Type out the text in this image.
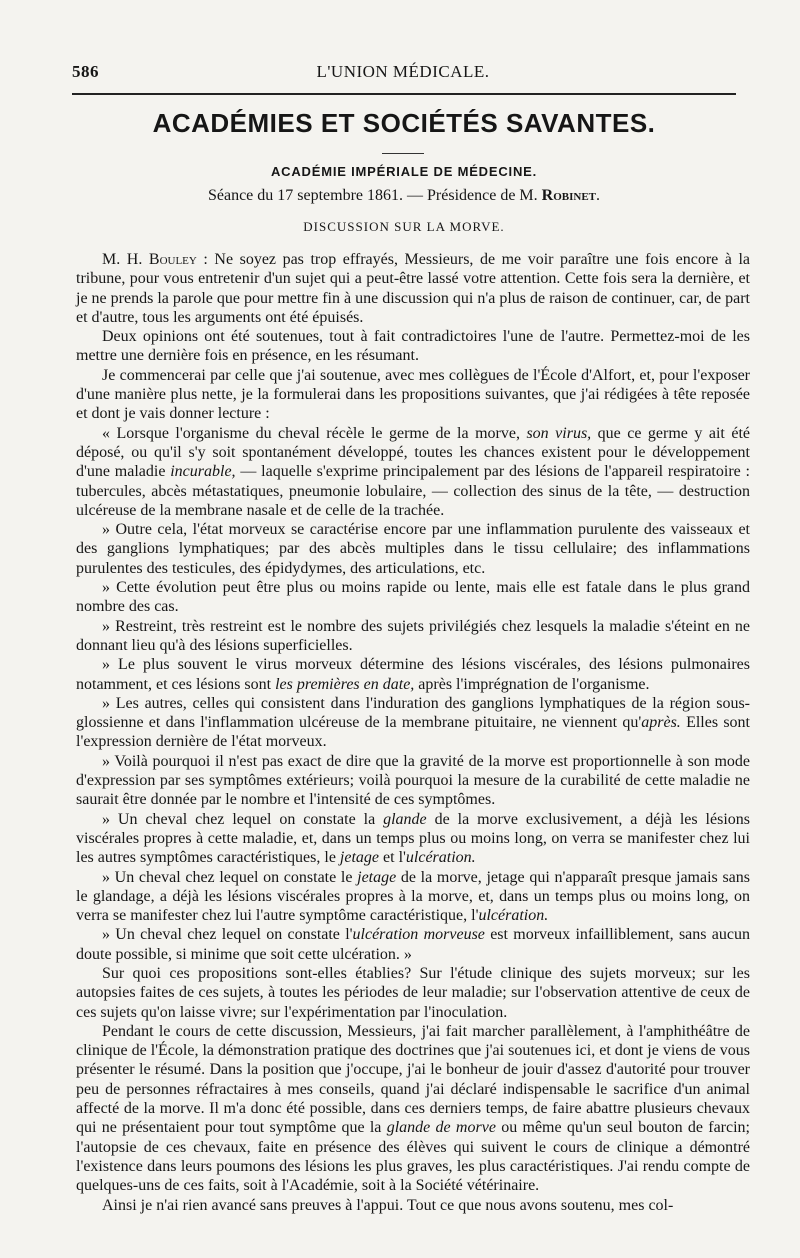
586	L'UNION MÉDICALE.
ACADÉMIES ET SOCIÉTÉS SAVANTES.
ACADÉMIE IMPÉRIALE DE MÉDECINE.
Séance du 17 septembre 1861. — Présidence de M. Robinet.
DISCUSSION SUR LA MORVE.

M. H. Bouley : Ne soyez pas trop effrayés, Messieurs, de me voir paraître une fois encore à la tribune, pour vous entretenir d'un sujet qui a peut-être lassé votre attention. Cette fois sera la dernière, et je ne prends la parole que pour mettre fin à une discussion qui n'a plus de raison de continuer, car, de part et d'autre, tous les arguments ont été épuisés.

Deux opinions ont été soutenues, tout à fait contradictoires l'une de l'autre. Permettez-moi de les mettre une dernière fois en présence, en les résumant.

Je commencerai par celle que j'ai soutenue, avec mes collègues de l'École d'Alfort, et, pour l'exposer d'une manière plus nette, je la formulerai dans les propositions suivantes, que j'ai rédigées à tête reposée et dont je vais donner lecture :

« Lorsque l'organisme du cheval récèle le germe de la morve, son virus, que ce germe y ait été déposé, ou qu'il s'y soit spontanément développé, toutes les chances existent pour le développement d'une maladie incurable, — laquelle s'exprime principalement par des lésions de l'appareil respiratoire : tubercules, abcès métastatiques, pneumonie lobulaire, — collection des sinus de la tête, — destruction ulcéreuse de la membrane nasale et de celle de la trachée.

» Outre cela, l'état morveux se caractérise encore par une inflammation purulente des vaisseaux et des ganglions lymphatiques; par des abcès multiples dans le tissu cellulaire; des inflammations purulentes des testicules, des épidydymes, des articulations, etc.

» Cette évolution peut être plus ou moins rapide ou lente, mais elle est fatale dans le plus grand nombre des cas.

» Restreint, très restreint est le nombre des sujets privilégiés chez lesquels la maladie s'éteint en ne donnant lieu qu'à des lésions superficielles.

» Le plus souvent le virus morveux détermine des lésions viscérales, des lésions pulmonaires notamment, et ces lésions sont les premières en date, après l'imprégnation de l'organisme.

» Les autres, celles qui consistent dans l'induration des ganglions lymphatiques de la région sous-glossienne et dans l'inflammation ulcéreuse de la membrane pituitaire, ne viennent qu'après. Elles sont l'expression dernière de l'état morveux.

» Voilà pourquoi il n'est pas exact de dire que la gravité de la morve est proportionnelle à son mode d'expression par ses symptômes extérieurs; voilà pourquoi la mesure de la curabilité de cette maladie ne saurait être donnée par le nombre et l'intensité de ces symptômes.

» Un cheval chez lequel on constate la glande de la morve exclusivement, a déjà les lésions viscérales propres à cette maladie, et, dans un temps plus ou moins long, on verra se manifester chez lui les autres symptômes caractéristiques, le jetage et l'ulcération.

» Un cheval chez lequel on constate le jetage de la morve, jetage qui n'apparaît presque jamais sans le glandage, a déjà les lésions viscérales propres à la morve, et, dans un temps plus ou moins long, on verra se manifester chez lui l'autre symptôme caractéristique, l'ulcération.

» Un cheval chez lequel on constate l'ulcération morveuse est morveux infailliblement, sans aucun doute possible, si minime que soit cette ulcération. »

Sur quoi ces propositions sont-elles établies? Sur l'étude clinique des sujets morveux; sur les autopsies faites de ces sujets, à toutes les périodes de leur maladie; sur l'observation attentive de ceux de ces sujets qu'on laisse vivre; sur l'expérimentation par l'inoculation.

Pendant le cours de cette discussion, Messieurs, j'ai fait marcher parallèlement, à l'amphithéâtre de clinique de l'École, la démonstration pratique des doctrines que j'ai soutenues ici, et dont je viens de vous présenter le résumé. Dans la position que j'occupe, j'ai le bonheur de jouir d'assez d'autorité pour trouver peu de personnes réfractaires à mes conseils, quand j'ai déclaré indispensable le sacrifice d'un animal affecté de la morve. Il m'a donc été possible, dans ces derniers temps, de faire abattre plusieurs chevaux qui ne présentaient pour tout symptôme que la glande de morve ou même qu'un seul bouton de farcin; l'autopsie de ces chevaux, faite en présence des élèves qui suivent le cours de clinique a démontré l'existence dans leurs poumons des lésions les plus graves, les plus caractéristiques. J'ai rendu compte de quelques-uns de ces faits, soit à l'Académie, soit à la Société vétérinaire.

Ainsi je n'ai rien avancé sans preuves à l'appui. Tout ce que nous avons soutenu, mes col-
